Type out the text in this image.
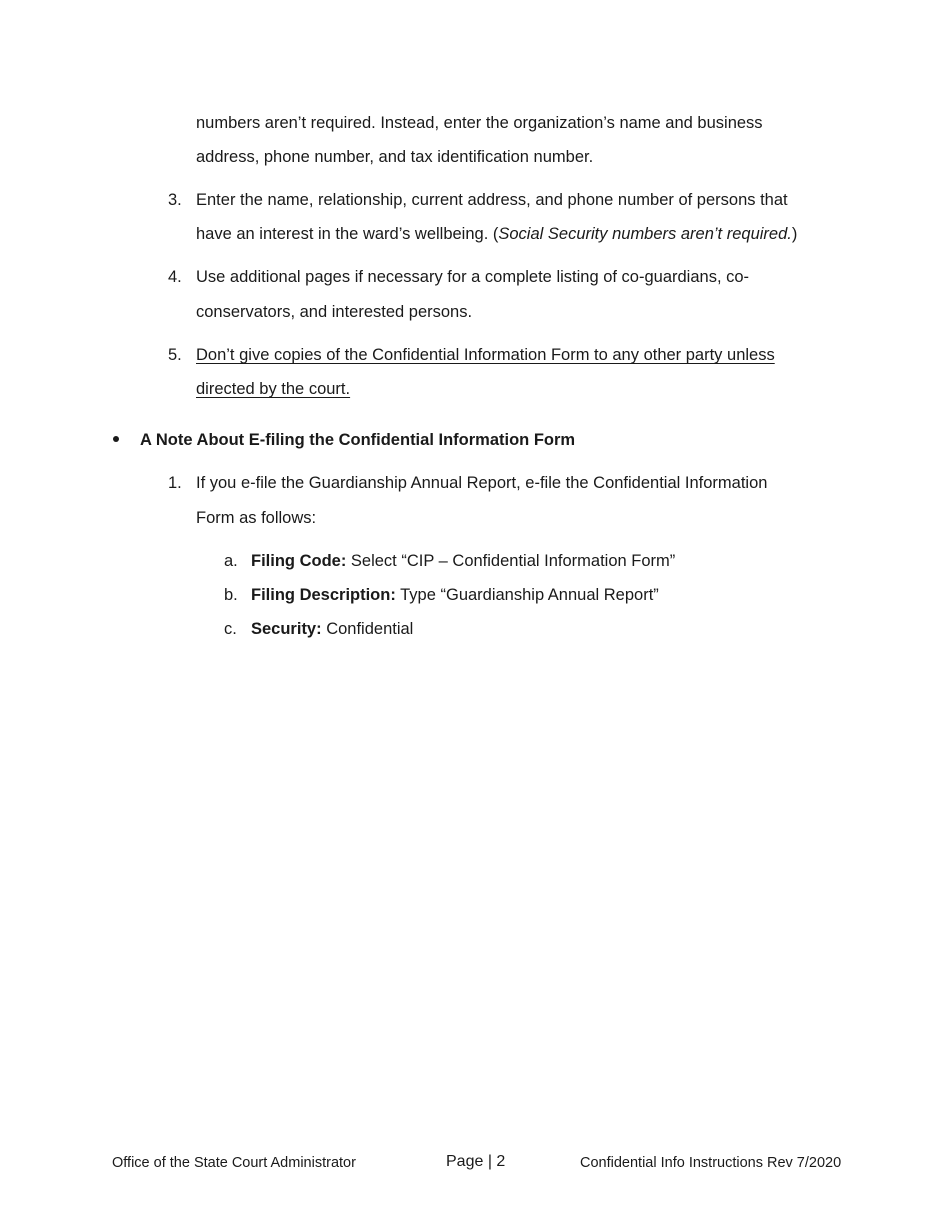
numbers aren’t required. Instead, enter the organization’s name and business
address, phone number, and tax identification number.
3. Enter the name, relationship, current address, and phone number of persons that
have an interest in the ward’s wellbeing. (Social Security numbers aren’t required.)
4. Use additional pages if necessary for a complete listing of co-guardians, co-
conservators, and interested persons.
5. Don’t give copies of the Confidential Information Form to any other party unless
directed by the court.
A Note About E-filing the Confidential Information Form
1. If you e-file the Guardianship Annual Report, e-file the Confidential Information
Form as follows:
a. Filing Code: Select “CIP – Confidential Information Form”
b. Filing Description: Type “Guardianship Annual Report”
c. Security: Confidential
Office of the State Court Administrator	Page | 2	Confidential Info Instructions Rev 7/2020
